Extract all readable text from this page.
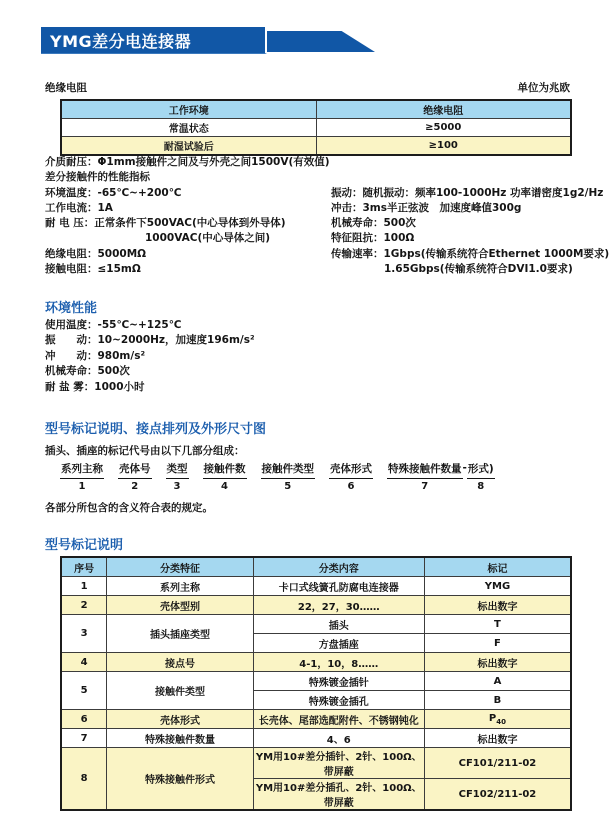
YMG差分电连接器
绝缘电阻	单位为兆欧
工作环境	绝缘电阻
常温状态	≥5000
耐湿试验后	≥100
介质耐压：Φ1mm接触件之间及与外壳之间1500V(有效值)
差分接触件的性能指标
环境温度：-65℃~+200℃
工作电流：1A
耐 电 压：正常条件下500VAC(中心导体到外导体)
1000VAC(中心导体之间)
绝缘电阻：5000MΩ
接触电阻：≤15mΩ
振动：随机振动：频率100-1000Hz 功率谱密度1g2/Hz
冲击：3ms半正弦波　加速度峰值300g
机械寿命：500次
特征阻抗：100Ω
传输速率：1Gbps(传输系统符合Ethernet 1000M要求)
1.65Gbps(传输系统符合DVI1.0要求)
环境性能
使用温度：-55℃~+125℃
振　　动：10~2000Hz，加速度196m/s²
冲　　动：980m/s²
机械寿命：500次
耐 盐 雾：1000小时
型号标记说明、接点排列及外形尺寸图
插头、插座的标记代号由以下几部分组成：
系列主称
1
壳体号
2
类型
3
接触件数
4
接触件类型
5
壳体形式
6
特殊接触件数量
7
- 形式)
8
各部分所包含的含义符合表的规定。
型号标记说明
序号	分类特征	分类内容	标记
1	系列主称	卡口式线簧孔防腐电连接器	YMG
2	壳体型别	22，27，30……	标出数字
3	插头插座类型	插头	T
		方盘插座	F
4	接点号	4-1，10，8……	标出数字
5	接触件类型	特殊镀金插针	A
		特殊镀金插孔	B
6	壳体形式	长壳体、尾部选配附件、不锈钢钝化	$P_{40}$
7	特殊接触件数量	4、6	标出数字
8	特殊接触件形式	YM用10#差分插针、2针、100Ω、带屏蔽	CF101/211-02
		YM用10#差分插孔、2针、100Ω、带屏蔽	CF102/211-02
